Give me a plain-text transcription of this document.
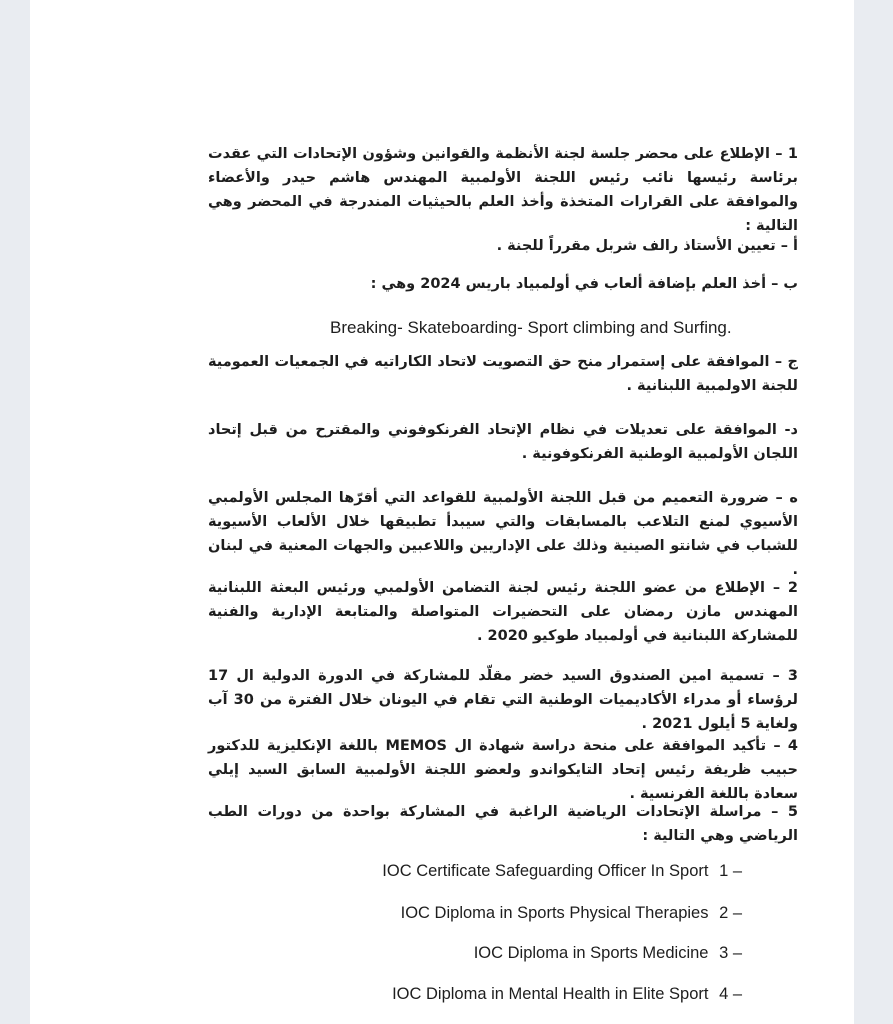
1 – الإطلاع على محضر جلسة لجنة الأنظمة والقوانين وشؤون الإتحادات التي عقدت برئاسة رئيسها نائب رئيس اللجنة الأولمبية المهندس هاشم حيدر والأعضاء والموافقة على القرارات المتخذة وأخذ العلم بالحيثيات المندرجة في المحضر وهي التالية :

أ – تعيين الأستاذ رالف شربل مقرراً للجنة .

ب – أخذ العلم بإضافة ألعاب في أولمبياد باريس 2024 وهي :

Breaking- Skateboarding- Sport climbing and Surfing.

ج – الموافقة على إستمرار منح حق التصويت لاتحاد الكاراتيه في الجمعيات العمومية للجنة الاولمبية اللبنانية .

د- الموافقة على تعديلات في نظام الإتحاد الفرنكوفوني والمقترح من قبل إتحاد اللجان الأولمبية الوطنية الفرنكوفونية .

ه – ضرورة التعميم من قبل اللجنة الأولمبية للقواعد التي أقرّها المجلس الأولمبي الأسيوي لمنع التلاعب بالمسابقات والتي سيبدأ تطبيقها خلال الألعاب الأسيوية للشباب في شانتو الصينية وذلك على الإداريين واللاعبين والجهات المعنية في لبنان .

2 – الإطلاع من عضو اللجنة رئيس لجنة التضامن الأولمبي ورئيس البعثة اللبنانية المهندس مازن رمضان على التحضيرات المتواصلة والمتابعة الإدارية والفنية للمشاركة اللبنانية في أولمبياد طوكيو 2020 .

3 – تسمية امين الصندوق السيد خضر مقلّد للمشاركة في الدورة الدولية ال 17 لرؤساء أو مدراء الأكاديميات الوطنية التي تقام في اليونان خلال الفترة من 30 آب ولغاية 5 أيلول 2021 .

4 – تأكيد الموافقة على منحة دراسة شهادة ال MEMOS باللغة الإنكليزية للدكتور حبيب ظريفة رئيس إتحاد التايكواندو ولعضو اللجنة الأولمبية السابق السيد إيلي سعادة باللغة الفرنسية .

5 – مراسلة الإتحادات الرياضية الراغبة في المشاركة بواحدة من دورات الطب الرياضي وهي التالية :

IOC Certificate Safeguarding Officer In Sport 1 –
IOC Diploma in Sports Physical Therapies 2 –
IOC Diploma in Sports Medicine 3 –
IOC Diploma in Mental Health in Elite Sport 4 –
